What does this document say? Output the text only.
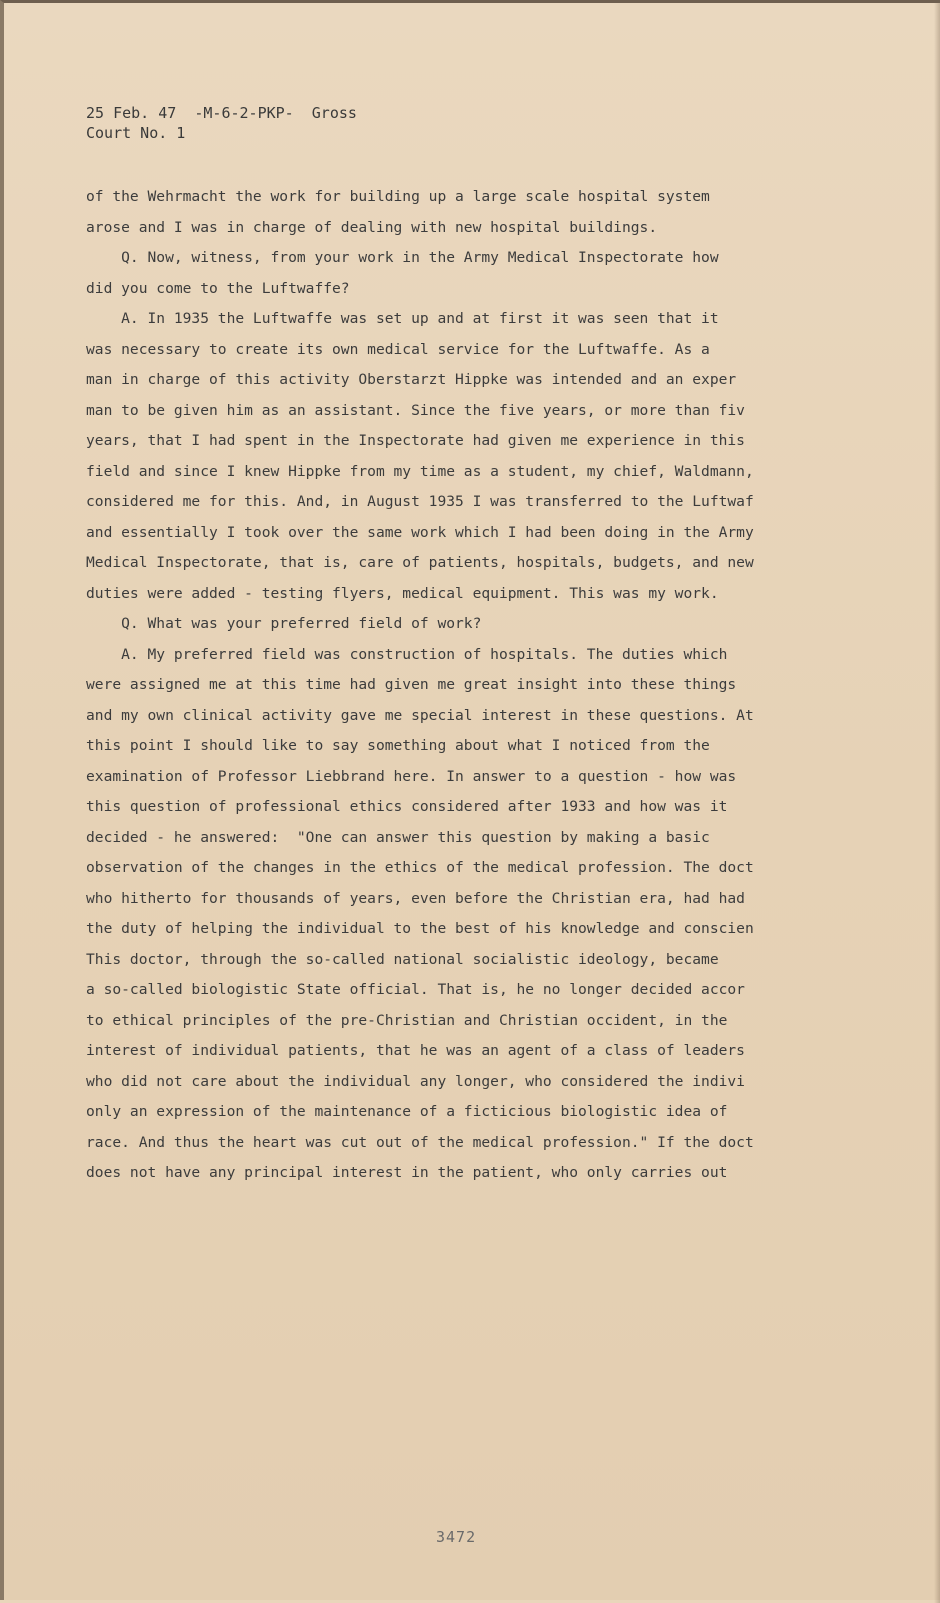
25 Feb. 47  -M-6-2-PKP-  Gross
Court No. 1
of the Wehrmacht the work for building up a large scale hospital system
arose and I was in charge of dealing with new hospital buildings.
Q. Now, witness, from your work in the Army Medical Inspectorate how
did you come to the Luftwaffe?
A. In 1935 the Luftwaffe was set up and at first it was seen that it
was necessary to create its own medical service for the Luftwaffe. As a
man in charge of this activity Oberstarzt Hippke was intended and an exper
man to be given him as an assistant. Since the five years, or more than fiv
years, that I had spent in the Inspectorate had given me experience in this
field and since I knew Hippke from my time as a student, my chief, Waldmann,
considered me for this. And, in August 1935 I was transferred to the Luftwaf
and essentially I took over the same work which I had been doing in the Army
Medical Inspectorate, that is, care of patients, hospitals, budgets, and new
duties were added - testing flyers, medical equipment. This was my work.
Q. What was your preferred field of work?
A. My preferred field was construction of hospitals. The duties which
were assigned me at this time had given me great insight into these things
and my own clinical activity gave me special interest in these questions. At
this point I should like to say something about what I noticed from the
examination of Professor Liebbrand here. In answer to a question - how was
this question of professional ethics considered after 1933 and how was it
decided - he answered:  "One can answer this question by making a basic
observation of the changes in the ethics of the medical profession. The doct
who hitherto for thousands of years, even before the Christian era, had had
the duty of helping the individual to the best of his knowledge and conscien
This doctor, through the so-called national socialistic ideology, became
a so-called biologistic State official. That is, he no longer decided accor
to ethical principles of the pre-Christian and Christian occident, in the
interest of individual patients, that he was an agent of a class of leaders
who did not care about the individual any longer, who considered the indivi
only an expression of the maintenance of a ficticious biologistic idea of
race. And thus the heart was cut out of the medical profession." If the doct
does not have any principal interest in the patient, who only carries out
3472
